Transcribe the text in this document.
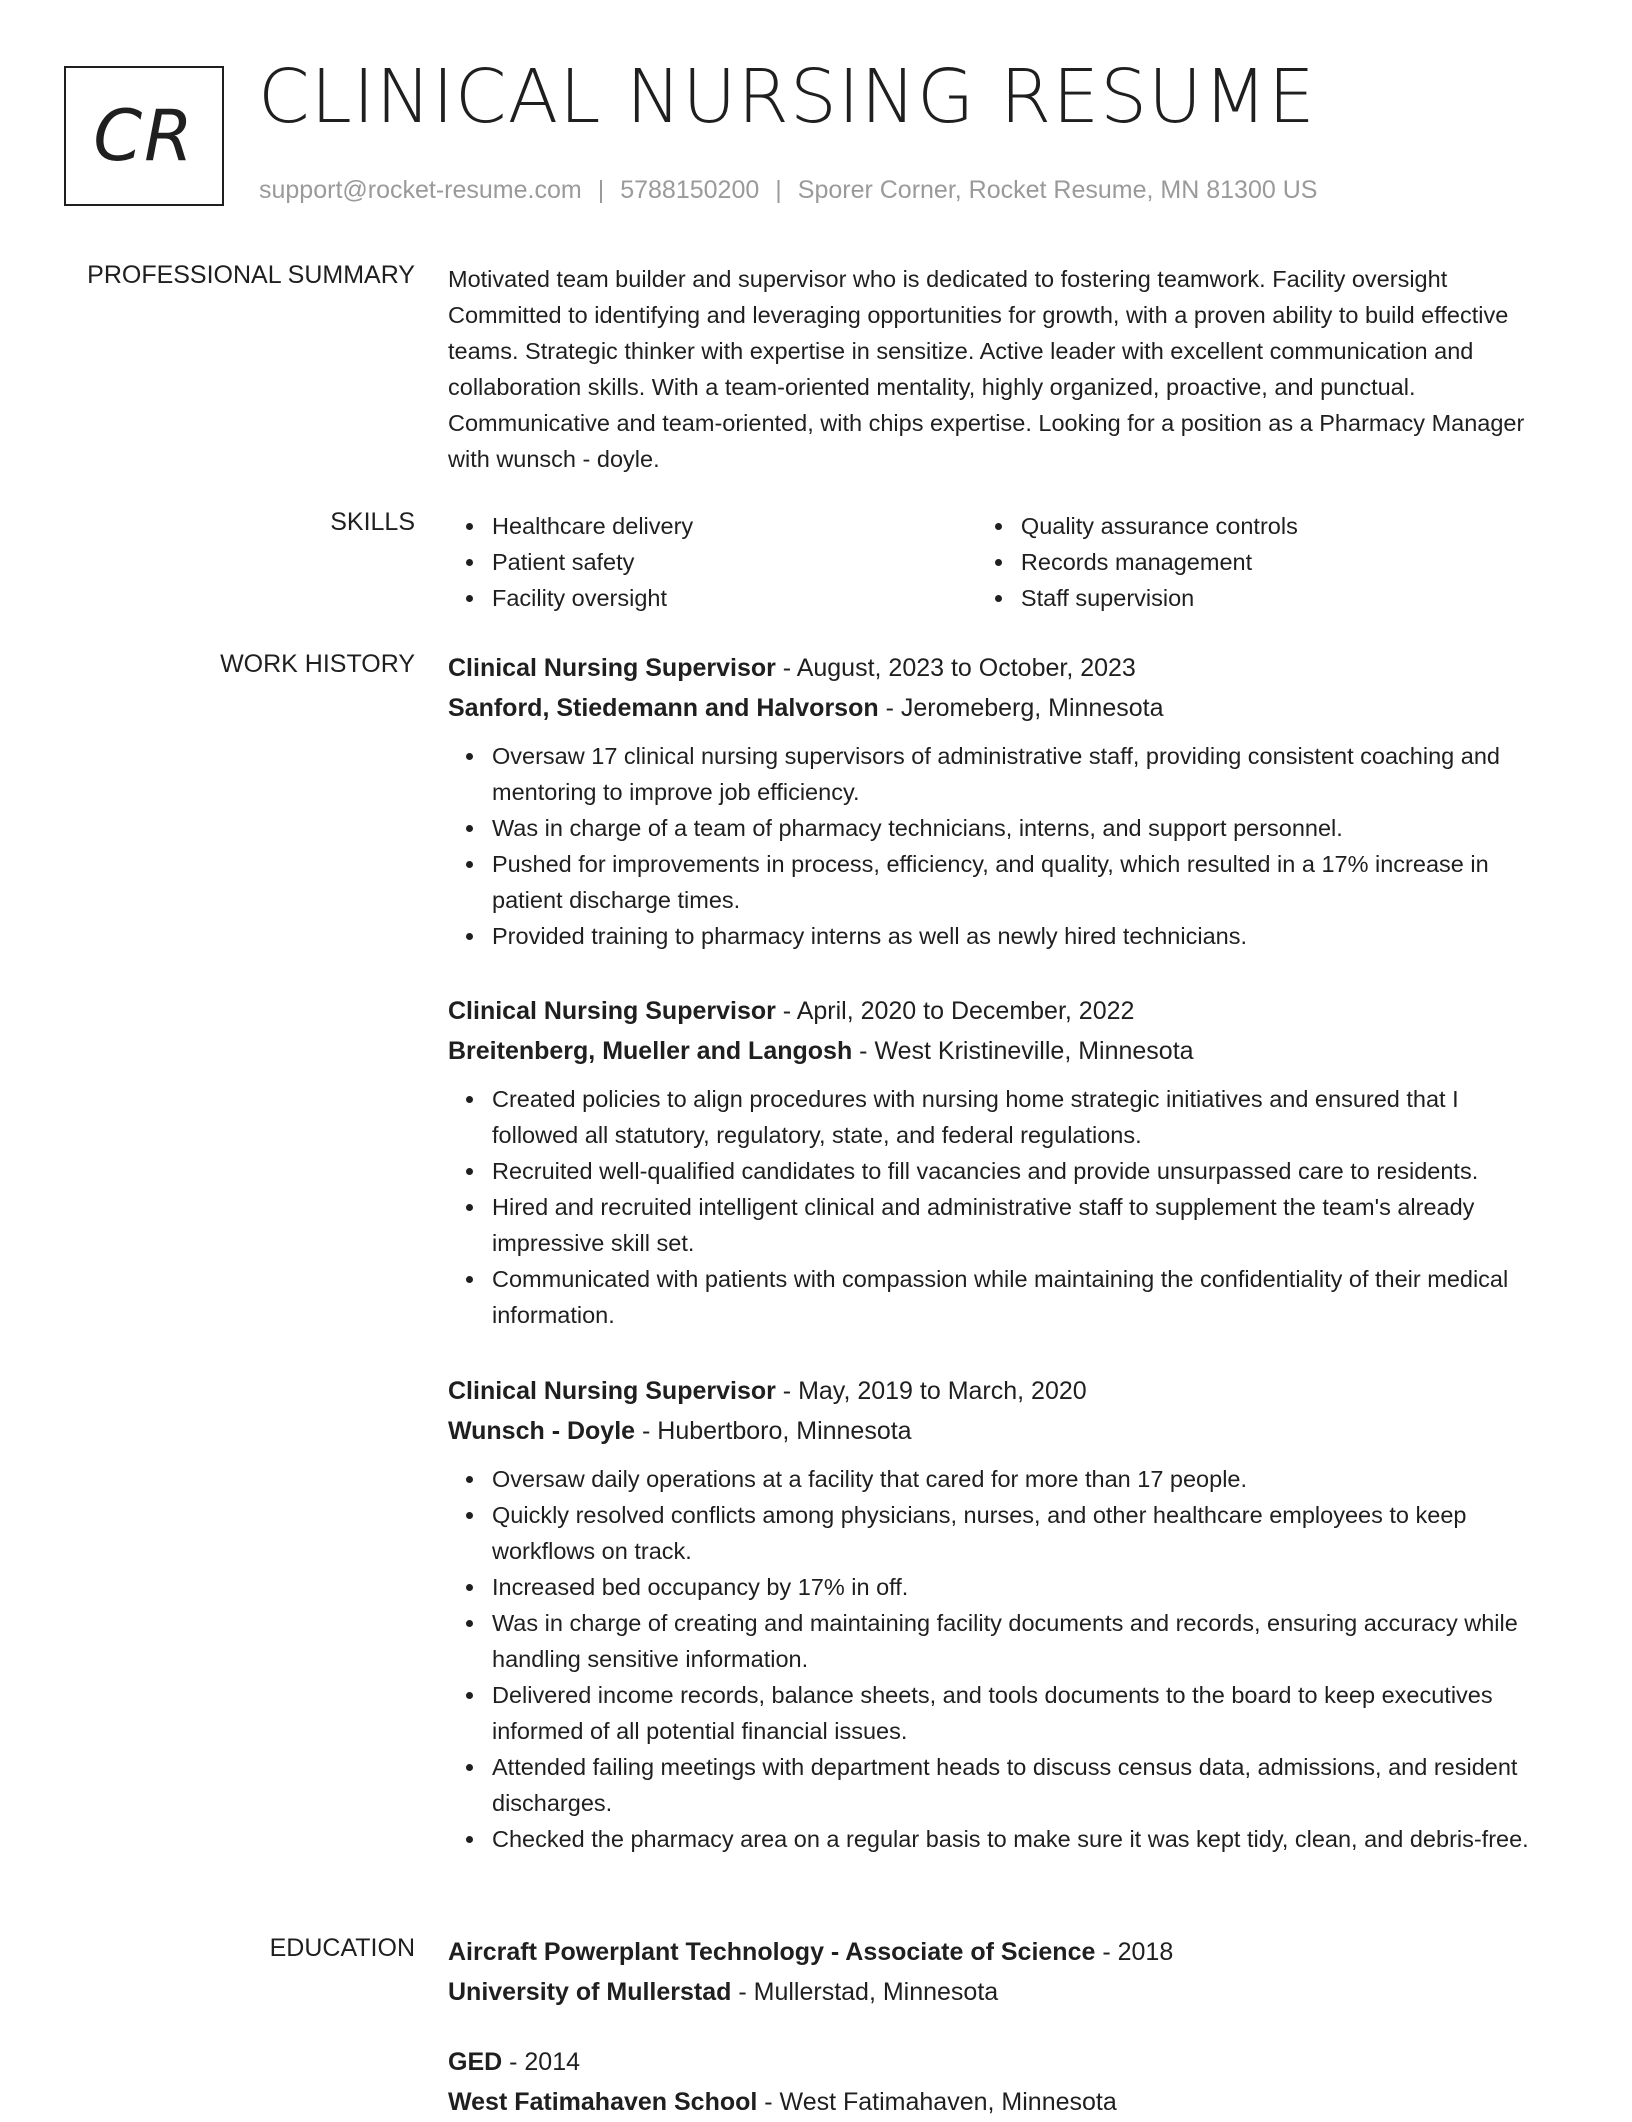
CR CLINICAL NURSING RESUME
support@rocket-resume.com | 5788150200 | Sporer Corner, Rocket Resume, MN 81300 US
PROFESSIONAL SUMMARY Motivated team builder and supervisor who is dedicated to fostering teamwork. Facility oversight Committed to identifying and leveraging opportunities for growth, with a proven ability to build effective teams. Strategic thinker with expertise in sensitize. Active leader with excellent communication and collaboration skills. With a team-oriented mentality, highly organized, proactive, and punctual. Communicative and team-oriented, with chips expertise. Looking for a position as a Pharmacy Manager with wunsch - doyle.

SKILLS	Healthcare delivery
Patient safety
Facility oversight
Quality assurance controls
Records management
Staff supervision
WORK HISTORY Clinical Nursing Supervisor - August, 2023 to October, 2023
Sanford, Stiedemann and Halvorson - Jeromeberg, Minnesota
Oversaw 17 clinical nursing supervisors of administrative staff, providing consistent coaching and mentoring to improve job efficiency.
Was in charge of a team of pharmacy technicians, interns, and support personnel.
Pushed for improvements in process, efficiency, and quality, which resulted in a 17% increase in patient discharge times.
Provided training to pharmacy interns as well as newly hired technicians.
Clinical Nursing Supervisor - April, 2020 to December, 2022
Breitenberg, Mueller and Langosh - West Kristineville, Minnesota
Created policies to align procedures with nursing home strategic initiatives and ensured that I followed all statutory, regulatory, state, and federal regulations.
Recruited well-qualified candidates to fill vacancies and provide unsurpassed care to residents.
Hired and recruited intelligent clinical and administrative staff to supplement the team's already impressive skill set.
Communicated with patients with compassion while maintaining the confidentiality of their medical information.
Clinical Nursing Supervisor - May, 2019 to March, 2020
Wunsch - Doyle - Hubertboro, Minnesota
Oversaw daily operations at a facility that cared for more than 17 people.
Quickly resolved conflicts among physicians, nurses, and other healthcare employees to keep workflows on track.
Increased bed occupancy by 17% in off.
Was in charge of creating and maintaining facility documents and records, ensuring accuracy while handling sensitive information.
Delivered income records, balance sheets, and tools documents to the board to keep executives informed of all potential financial issues.
Attended failing meetings with department heads to discuss census data, admissions, and resident discharges.
Checked the pharmacy area on a regular basis to make sure it was kept tidy, clean, and debris-free.
EDUCATION Aircraft Powerplant Technology - Associate of Science - 2018
University of Mullerstad - Mullerstad, Minnesota
GED - 2014
West Fatimahaven School - West Fatimahaven, Minnesota
